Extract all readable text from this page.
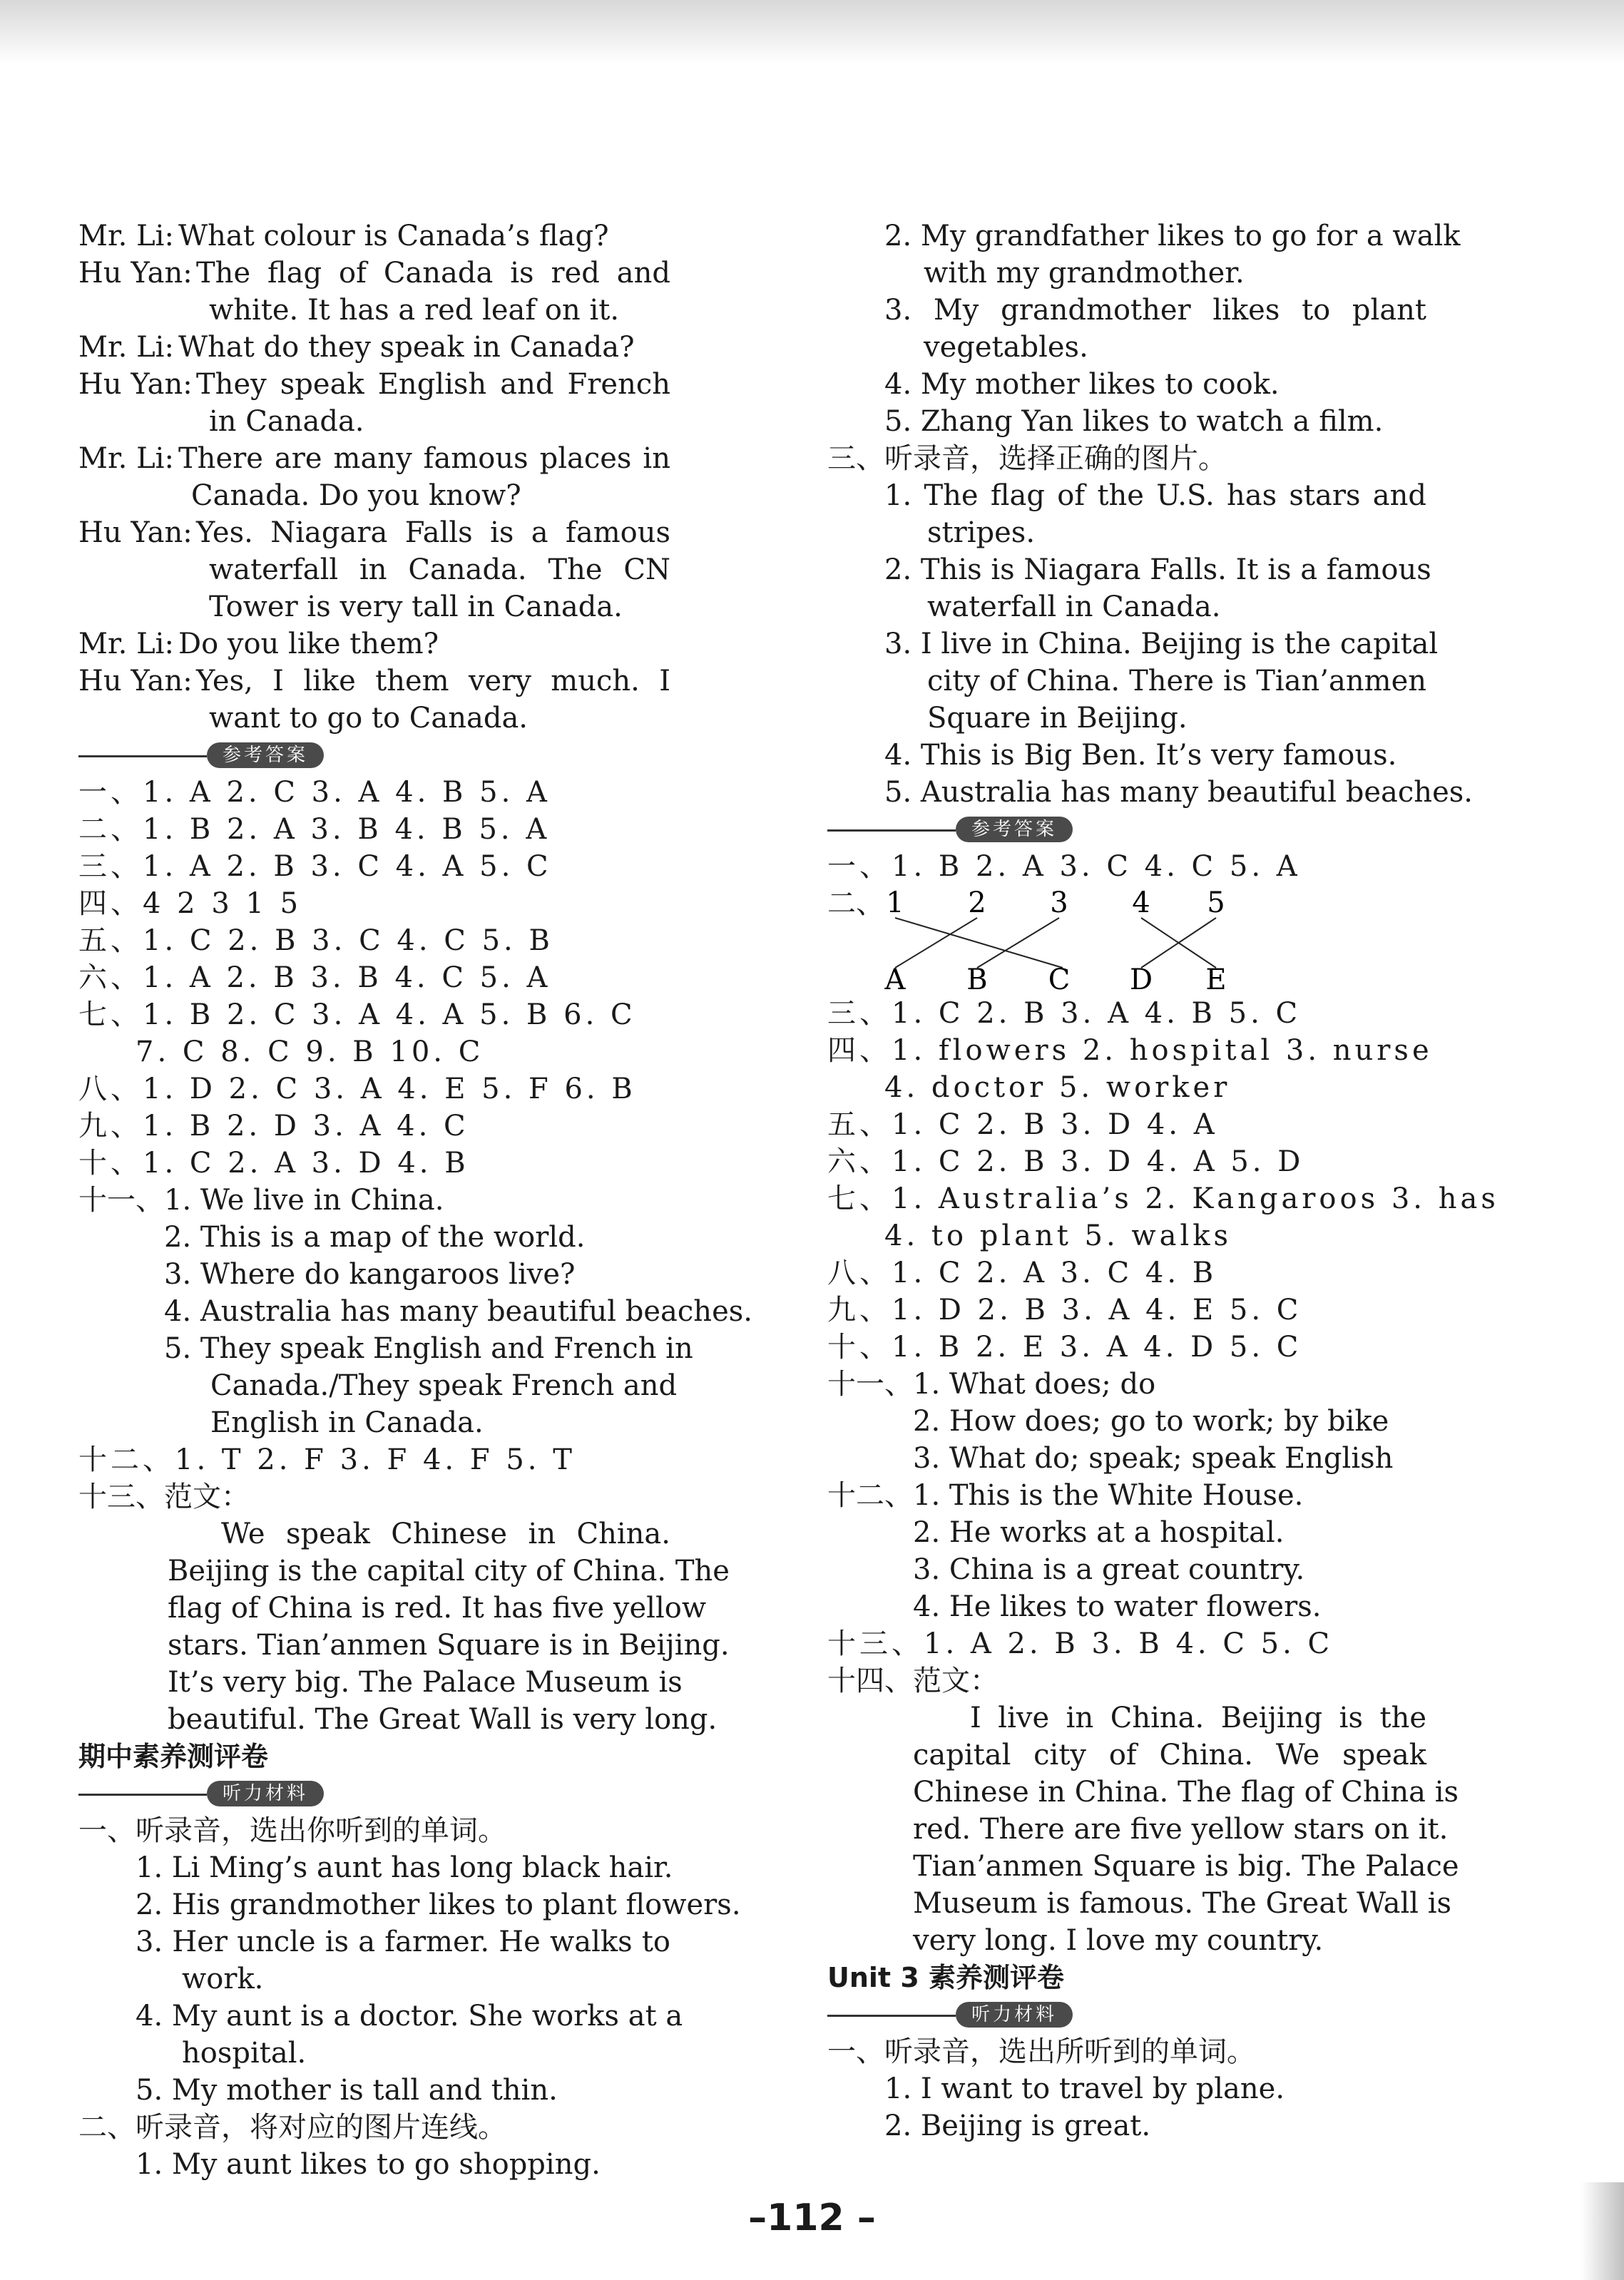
Mr. Li: What colour is Canada’s flag?
Hu Yan: The flag of Canada is red and
white. It has a red leaf on it.
Mr. Li: What do they speak in Canada?
Hu Yan: They speak English and French
in Canada.
Mr. Li: There are many famous places in
Canada. Do you know?
Hu Yan: Yes. Niagara Falls is a famous
waterfall in Canada. The CN
Tower is very tall in Canada.
Mr. Li: Do you like them?
Hu Yan: Yes, I like them very much. I
want to go to Canada.
参考答案
一、1. A 2. C 3. A 4. B 5. A
二、1. B 2. A 3. B 4. B 5. A
三、1. A 2. B 3. C 4. A 5. C
四、4 2 3 1 5
五、1. C 2. B 3. C 4. C 5. B
六、1. A 2. B 3. B 4. C 5. A
七、1. B 2. C 3. A 4. A 5. B 6. C
7. C 8. C 9. B 10. C
八、1. D 2. C 3. A 4. E 5. F 6. B
九、1. B 2. D 3. A 4. C
十、1. C 2. A 3. D 4. B
十一、 1. We live in China.
2. This is a map of the world.
3. Where do kangaroos live?
4. Australia has many beautiful beaches.
5. They speak English and French in
Canada./They speak French and
English in Canada.
十二、1. T 2. F 3. F 4. F 5. T
十三、范文：
We speak Chinese in China.
Beijing is the capital city of China. The
flag of China is red. It has five yellow
stars. Tian’anmen Square is in Beijing.
It’s very big. The Palace Museum is
beautiful. The Great Wall is very long.
期中素养测评卷
听力材料
一、听录音，选出你听到的单词。
1. Li Ming’s aunt has long black hair.
2. His grandmother likes to plant flowers.
3. Her uncle is a farmer. He walks to
work.
4. My aunt is a doctor. She works at a
hospital.
5. My mother is tall and thin.
二、听录音，将对应的图片连线。
1. My aunt likes to go shopping.
2. My grandfather likes to go for a walk
with my grandmother.
3. My grandmother likes to plant
vegetables.
4. My mother likes to cook.
5. Zhang Yan likes to watch a film.
三、听录音，选择正确的图片。
1. The flag of the U.S. has stars and
stripes.
2. This is Niagara Falls. It is a famous
waterfall in Canada.
3. I live in China. Beijing is the capital
city of China. There is Tian’anmen
Square in Beijing.
4. This is Big Ben. It’s very famous.
5. Australia has many beautiful beaches.
参考答案
一、1. B 2. A 3. C 4. C 5. A
二、 1 2 3 4 5
A B C D E
三、1. C 2. B 3. A 4. B 5. C
四、1. flowers 2. hospital 3. nurse
4. doctor 5. worker
五、1. C 2. B 3. D 4. A
六、1. C 2. B 3. D 4. A 5. D
七、1. Australia’s 2. Kangaroos 3. has
4. to plant 5. walks
八、1. C 2. A 3. C 4. B
九、1. D 2. B 3. A 4. E 5. C
十、1. B 2. E 3. A 4. D 5. C
十一、 1. What does; do
2. How does; go to work; by bike
3. What do; speak; speak English
十二、 1. This is the White House.
2. He works at a hospital.
3. China is a great country.
4. He likes to water flowers.
十三、1. A 2. B 3. B 4. C 5. C
十四、范文：
I live in China. Beijing is the
capital city of China. We speak
Chinese in China. The flag of China is
red. There are five yellow stars on it.
Tian’anmen Square is big. The Palace
Museum is famous. The Great Wall is
very long. I love my country.
Unit 3 素养测评卷
听力材料
一、听录音，选出所听到的单词。
1. I want to travel by plane.
2. Beijing is great.
–112 –
